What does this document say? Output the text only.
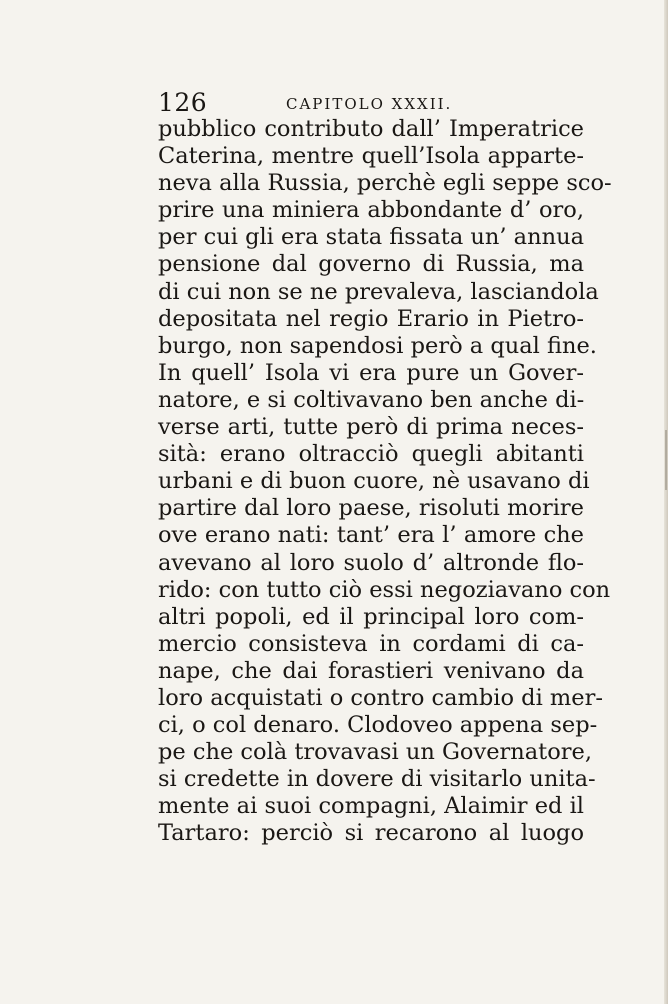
126	CAPITOLO XXXII.
pubblico contributo dall’ Imperatrice
Caterina, mentre quell’Isola apparte-
neva alla Russia, perchè egli seppe sco-
prire una miniera abbondante d’ oro,
per cui gli era stata fissata un’ annua
pensione dal governo di Russia, ma
di cui non se ne prevaleva, lasciandola
depositata nel regio Erario in Pietro-
burgo, non sapendosi però a qual fine.
In quell’ Isola vi era pure un Gover-
natore, e si coltivavano ben anche di-
verse arti, tutte però di prima neces-
sità: erano oltracciò quegli abitanti
urbani e di buon cuore, nè usavano di
partire dal loro paese, risoluti morire
ove erano nati: tant’ era l’ amore che
avevano al loro suolo d’ altronde flo-
rido: con tutto ciò essi negoziavano con
altri popoli, ed il principal loro com-
mercio consisteva in cordami di ca-
nape, che dai forastieri venivano da
loro acquistati o contro cambio di mer-
ci, o col denaro. Clodoveo appena sep-
pe che colà trovavasi un Governatore,
si credette in dovere di visitarlo unita-
mente ai suoi compagni, Alaimir ed il
Tartaro: perciò si recarono al luogo
